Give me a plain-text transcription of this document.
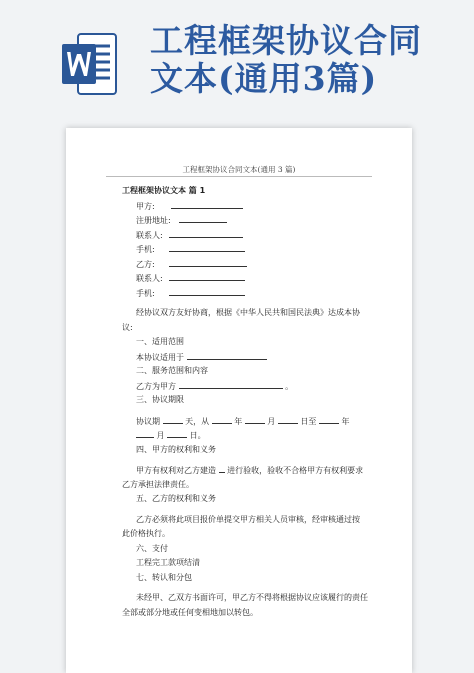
工程框架协议合同
文本(通用3篇)
工程框架协议合同文本(通用 3 篇)
工程框架协议文本 篇 1
甲方:
注册地址:
联系人:
手机:
乙方:
联系人:
手机:
经协议双方友好协商，根据《中华人民共和国民法典》达成本协
议:
一、适用范围
本协议适用于
二、服务范围和内容
乙方为甲方	。
三、协议期限
协议期	天，从	年	月	日至	年
月	日。
四、甲方的权利和义务
甲方有权利对乙方建造 进行验收，验收不合格甲方有权利要求
乙方承担法律责任。
五、乙方的权利和义务
乙方必须将此项目报价单提交甲方相关人员审核，经审核通过按
此价格执行。
六、支付
工程完工款项结清
七、转认和分包
未经甲、乙双方书面许可，甲乙方不得将根据协议应该履行的责任
全部或部分地或任何变相地加以转包。
